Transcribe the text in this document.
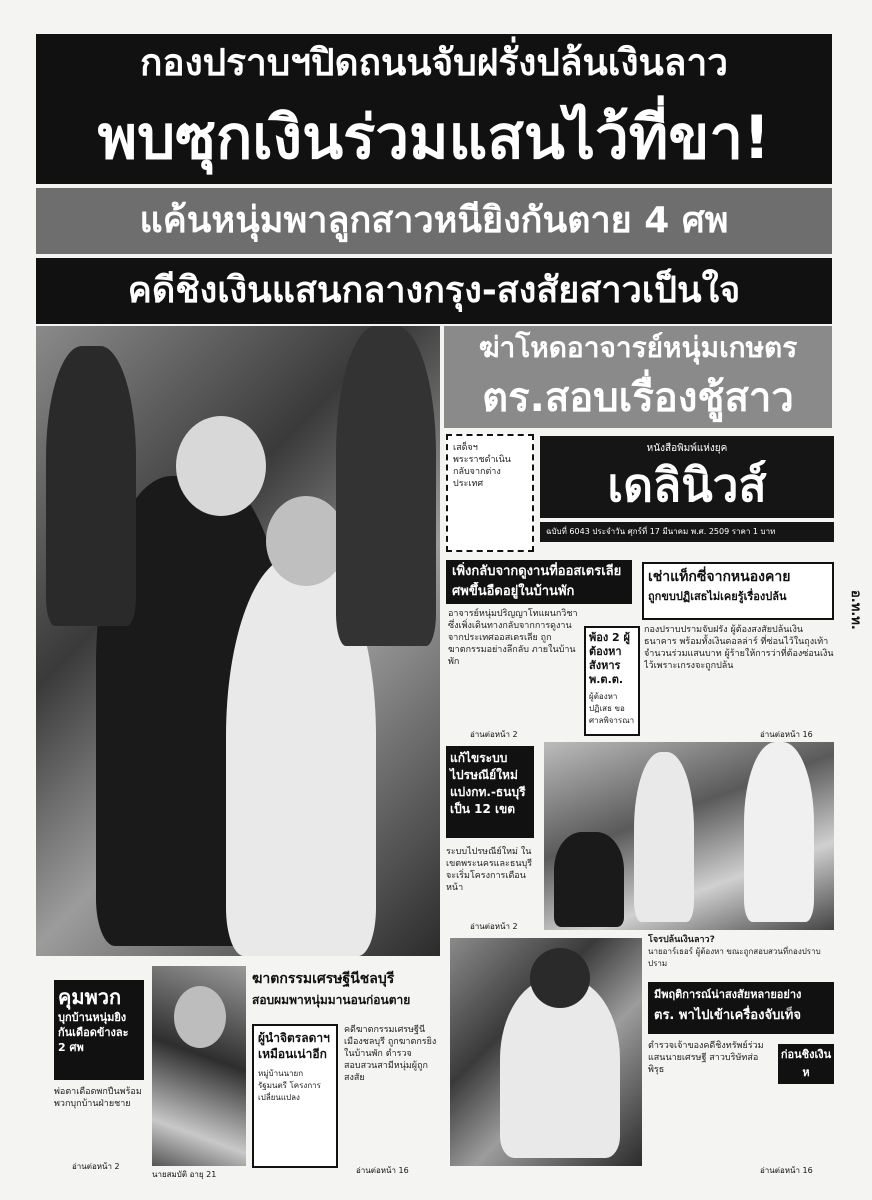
กองปราบฯปิดถนนจับฝรั่งปล้นเงินลาว
พบซุกเงินร่วมแสนไว้ที่ขา!
แค้นหนุ่มพาลูกสาวหนียิงกันตาย 4 ศพ
คดีชิงเงินแสนกลางกรุง-สงสัยสาวเป็นใจ
ฆ่าโหดอาจารย์หนุ่มเกษตร
ตร.สอบเรื่องชู้สาว
เสด็จฯพระราชดำเนินกลับจากต่างประเทศ
หนังสือพิมพ์แห่งยุค
เดลินิวส์
ฉบับที่ 6043 ประจำวัน ศุกร์ที่ 17 มีนาคม พ.ศ. 2509 ราคา 1 บาท
อ.ท.ท.
เพิ่งกลับจากดูงานที่ออสเตรเลีย
ศพขึ้นอืดอยู่ในบ้านพัก
อาจารย์หนุ่มปริญญาโทแผนกวิชา ซึ่งเพิ่งเดินทางกลับจากการดูงานจากประเทศออสเตรเลีย ถูกฆาตกรรมอย่างลึกลับ ภายในบ้านพัก
อ่านต่อหน้า 2
พ้อง 2 ผู้ต้องหา
สังหาร พ.ต.ต.
ผู้ต้องหา ปฏิเสธ ขอศาลพิจารณา
เช่าแท็กซี่จากหนองคาย
ถูกขบปฏิเสธไม่เคยรู้เรื่องปล้น
กองปราบปรามจับฝรั่ง ผู้ต้องสงสัยปล้นเงินธนาคาร พร้อมทั้งเงินดอลล่าร์ ที่ซ่อนไว้ในถุงเท้า จำนวนร่วมแสนบาท ผู้ร้ายให้การว่าที่ต้องซ่อนเงินไว้เพราะเกรงจะถูกปล้น
อ่านต่อหน้า 16
แก้ไขระบบไปรษณีย์ใหม่
แบ่งกท.-ธนบุรีเป็น 12 เขต
ระบบไปรษณีย์ใหม่ ในเขตพระนครและธนบุรี จะเริ่มโครงการเดือนหน้า
อ่านต่อหน้า 2
โจรปล้นเงินลาว?
นายอาร์เธอร์ ผู้ต้องหา ขณะถูกสอบสวนที่กองปราบปราม
คุมพวก
บุกบ้านหนุ่มยิงกันเดือดข้างละ 2 ศพ
พ่อตาเดือดพกปืนพร้อมพวกบุกบ้านฝ่ายชาย
อ่านต่อหน้า 2
นายสมบัติ อายุ 21
ฆาตกรรมเศรษฐีนีชลบุรี
สอบผมพาหนุ่มมานอนก่อนตาย
ผู้นำจิตรลดาฯ
เหมือนเน่าอีก
หมู่บ้านนายกรัฐมนตรี โครงการเปลี่ยนแปลง
คดีฆาตกรรมเศรษฐีนีเมืองชลบุรี ถูกฆาตกรยิงในบ้านพัก ตำรวจสอบสวนสามีหนุ่มผู้ถูกสงสัย
อ่านต่อหน้า 16
มีพฤติการณ์น่าสงสัยหลายอย่าง
ตร. พาไปเข้าเครื่องจับเท็จ
ตำรวจเจ้าของคดีชิงทรัพย์ร่วมแสนนายเศรษฐี สาวบริษัทส่อพิรุธ
ก่อนชิงเงินห
อ่านต่อหน้า 16
